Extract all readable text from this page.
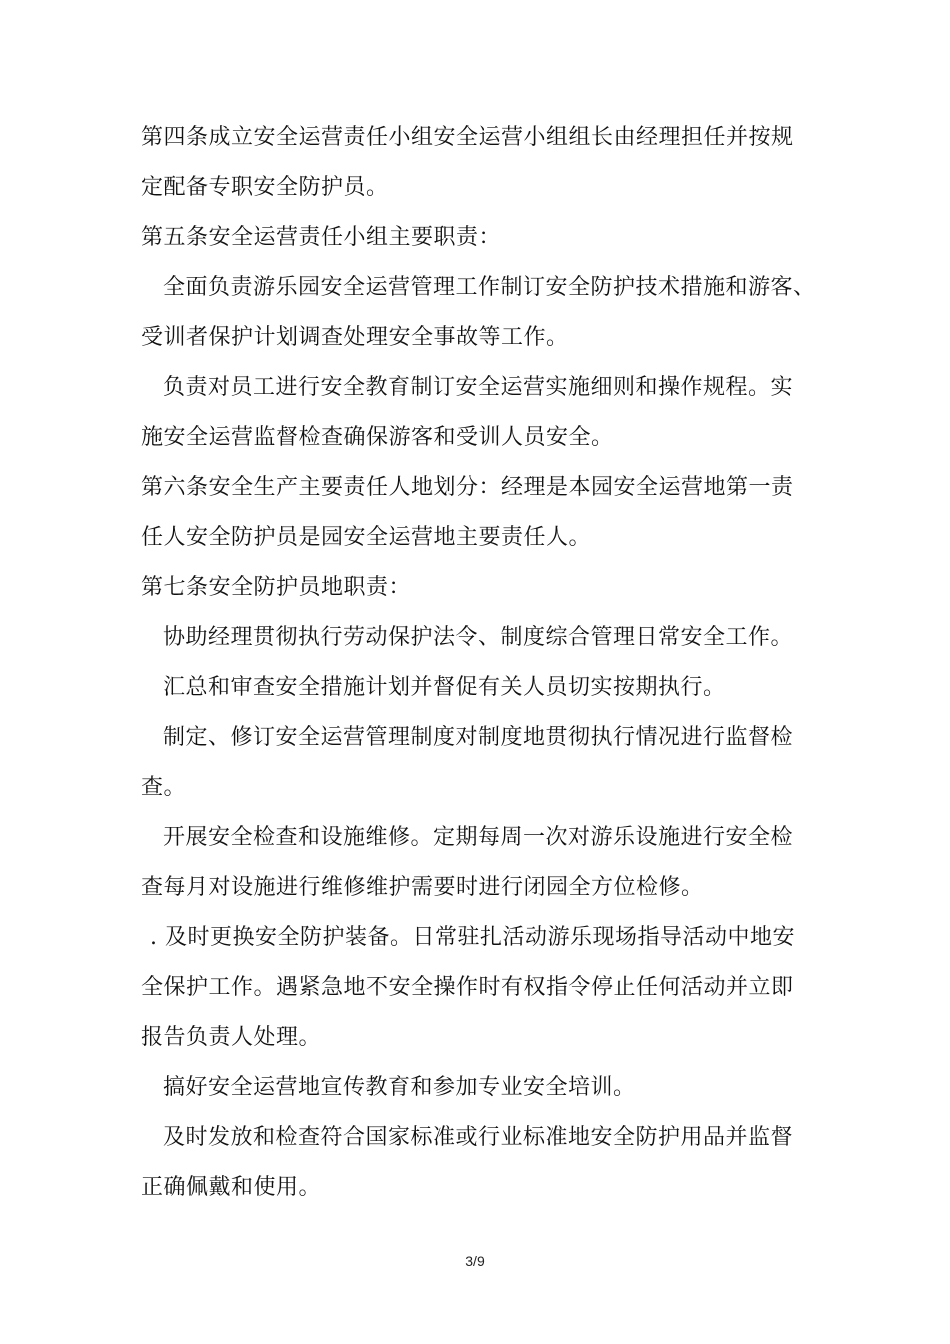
第四条成立安全运营责任小组安全运营小组组长由经理担任并按规
定配备专职安全防护员。
第五条安全运营责任小组主要职责：
全面负责游乐园安全运营管理工作制订安全防护技术措施和游客、
受训者保护计划调查处理安全事故等工作。
负责对员工进行安全教育制订安全运营实施细则和操作规程。实
施安全运营监督检查确保游客和受训人员安全。
第六条安全生产主要责任人地划分：经理是本园安全运营地第一责
任人安全防护员是园安全运营地主要责任人。
第七条安全防护员地职责：
协助经理贯彻执行劳动保护法令、制度综合管理日常安全工作。
汇总和审查安全措施计划并督促有关人员切实按期执行。
制定、修订安全运营管理制度对制度地贯彻执行情况进行监督检
查。
开展安全检查和设施维修。定期每周一次对游乐设施进行安全检
查每月对设施进行维修维护需要时进行闭园全方位检修。
. 及时更换安全防护装备。日常驻扎活动游乐现场指导活动中地安
全保护工作。遇紧急地不安全操作时有权指令停止任何活动并立即
报告负责人处理。
搞好安全运营地宣传教育和参加专业安全培训。
及时发放和检查符合国家标准或行业标准地安全防护用品并监督
正确佩戴和使用。
3/9
